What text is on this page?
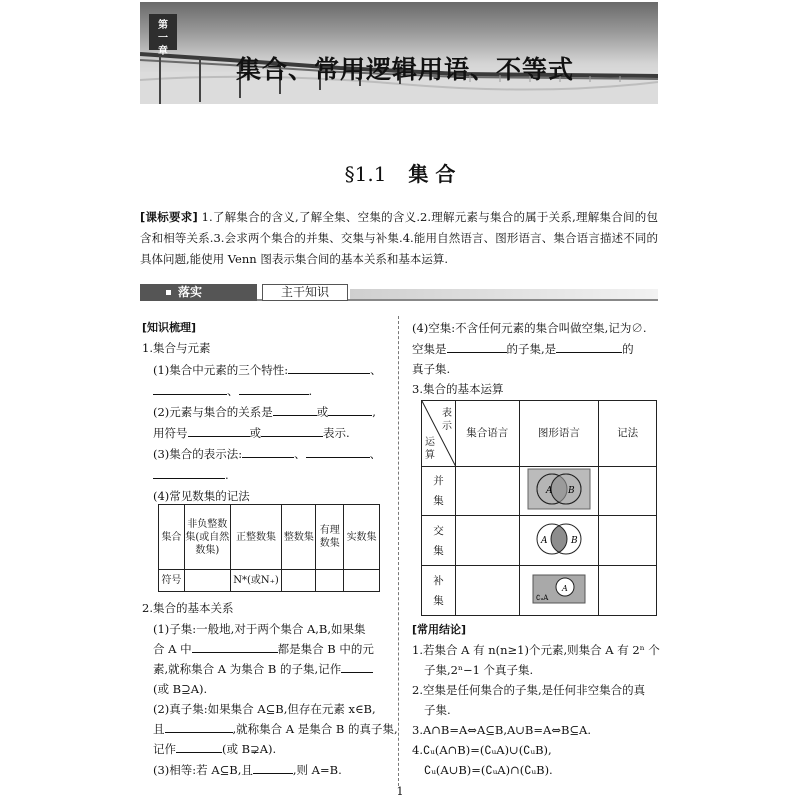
第
一
章
集合、常用逻辑用语、不等式
§1.1 集 合
[课标要求] 1.了解集合的含义,了解全集、空集的含义.2.理解元素与集合的属于关系,理解集合间的包含和相等关系.3.会求两个集合的并集、交集与补集.4.能用自然语言、图形语言、集合语言描述不同的具体问题,能使用 Venn 图表示集合间的基本关系和基本运算.
落实	主干知识
[知识梳理]
1.集合与元素
(1)集合中元素的三个特性:	、
、	.
(2)元素与集合的关系是	或	,
用符号	或	表示.
(3)集合的表示法:	、	、
.
(4)常见数集的记法
集合	非负整数集(或自然数集)	正整数集	整数集	有理数集	实数集
符号		N*(或N₊)			
2.集合的基本关系
(1)子集:一般地,对于两个集合 A,B,如果集
合 A 中	都是集合 B 中的元
素,就称集合 A 为集合 B 的子集,记作
(或 B⊇A).
(2)真子集:如果集合 A⊆B,但存在元素 x∈B,
且	,就称集合 A 是集合 B 的真子集,
记作	(或 B⊋A).
(3)相等:若 A⊆B,且	,则 A=B.
(4)空集:不含任何元素的集合叫做空集,记为∅.
空集是	的子集,是	的
真子集.
3.集合的基本运算
表示
运算	集合语言	图形语言	记法
并集		A B	

交集		A B	

补集		A
∁ᵤA	

[常用结论]
1.若集合 A 有 n(n≥1)个元素,则集合 A 有 2ⁿ 个
子集,2ⁿ−1 个真子集.
2.空集是任何集合的子集,是任何非空集合的真
子集.
3.A∩B=A⇔A⊆B,A∪B=A⇔B⊆A.
4.∁ᵤ(A∩B)=(∁ᵤA)∪(∁ᵤB),
∁ᵤ(A∪B)=(∁ᵤA)∩(∁ᵤB).
1
